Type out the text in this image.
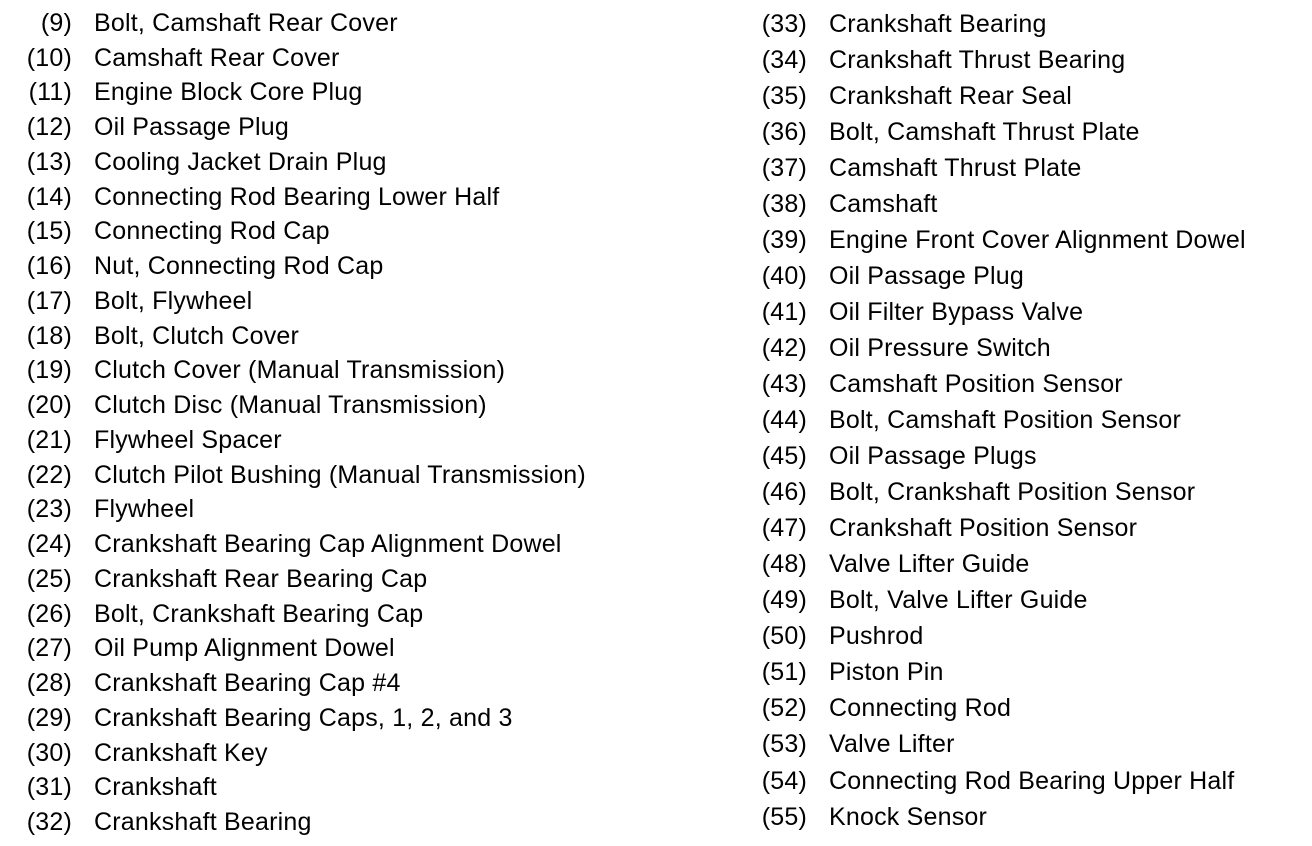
(9) Bolt, Camshaft Rear Cover
(10) Camshaft Rear Cover
(11) Engine Block Core Plug
(12) Oil Passage Plug
(13) Cooling Jacket Drain Plug
(14) Connecting Rod Bearing Lower Half
(15) Connecting Rod Cap
(16) Nut, Connecting Rod Cap
(17) Bolt, Flywheel
(18) Bolt, Clutch Cover
(19) Clutch Cover (Manual Transmission)
(20) Clutch Disc (Manual Transmission)
(21) Flywheel Spacer
(22) Clutch Pilot Bushing (Manual Transmission)
(23) Flywheel
(24) Crankshaft Bearing Cap Alignment Dowel
(25) Crankshaft Rear Bearing Cap
(26) Bolt, Crankshaft Bearing Cap
(27) Oil Pump Alignment Dowel
(28) Crankshaft Bearing Cap #4
(29) Crankshaft Bearing Caps, 1, 2, and 3
(30) Crankshaft Key
(31) Crankshaft
(32) Crankshaft Bearing
(33) Crankshaft Bearing
(34) Crankshaft Thrust Bearing
(35) Crankshaft Rear Seal
(36) Bolt, Camshaft Thrust Plate
(37) Camshaft Thrust Plate
(38) Camshaft
(39) Engine Front Cover Alignment Dowel
(40) Oil Passage Plug
(41) Oil Filter Bypass Valve
(42) Oil Pressure Switch
(43) Camshaft Position Sensor
(44) Bolt, Camshaft Position Sensor
(45) Oil Passage Plugs
(46) Bolt, Crankshaft Position Sensor
(47) Crankshaft Position Sensor
(48) Valve Lifter Guide
(49) Bolt, Valve Lifter Guide
(50) Pushrod
(51) Piston Pin
(52) Connecting Rod
(53) Valve Lifter
(54) Connecting Rod Bearing Upper Half
(55) Knock Sensor
